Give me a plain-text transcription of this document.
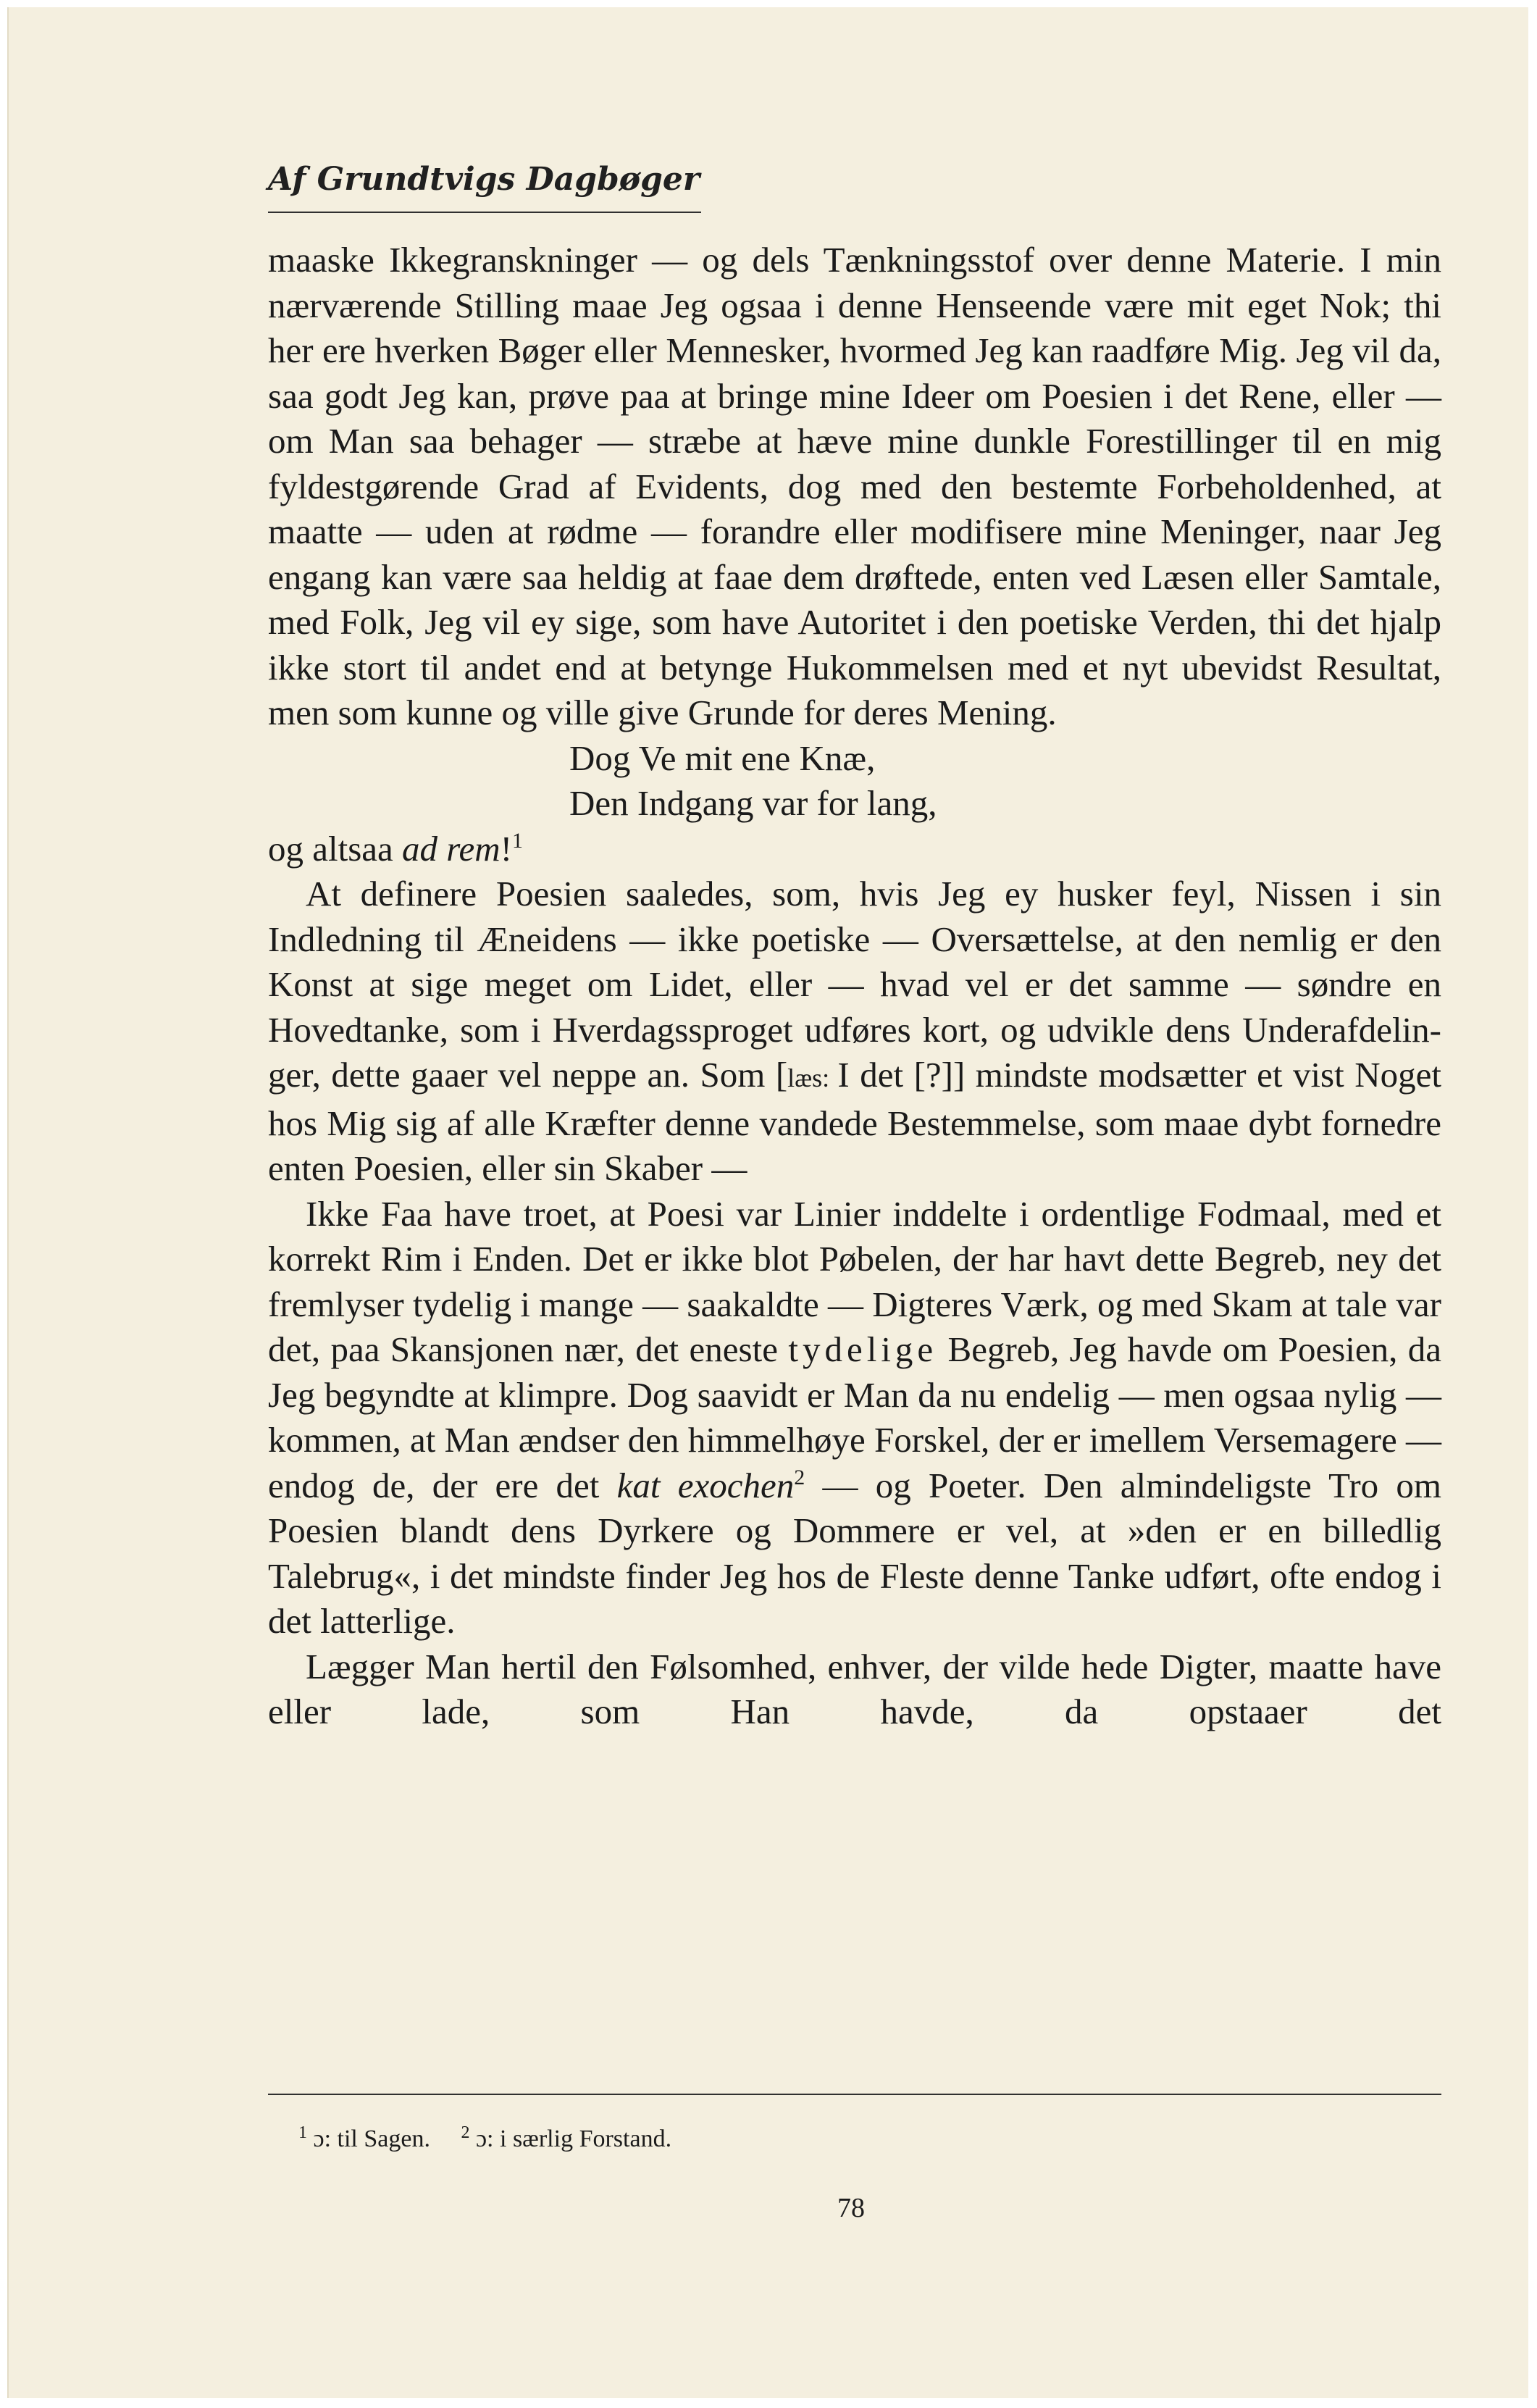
Af Grundtvigs Dagbøger

maaske Ikkegranskninger — og dels Tænkningsstof over denne Materie. I min nærværende Stilling maae Jeg ogsaa i denne Henseende være mit eget Nok; thi her ere hverken Bøger eller Mennesker, hvormed Jeg kan raadføre Mig. Jeg vil da, saa godt Jeg kan, prøve paa at bringe mine Ideer om Poesien i det Rene, eller — om Man saa behager — stræbe at hæve mine dunkle Forestillinger til en mig fyldestgørende Grad af Evidents, dog med den bestemte Forbeholdenhed, at maatte — uden at rødme — forandre eller modifisere mine Meninger, naar Jeg engang kan være saa heldig at faae dem drøftede, enten ved Læsen eller Samtale, med Folk, Jeg vil ey sige, som have Autoritet i den poetiske Verden, thi det hjalp ikke stort til andet end at betynge Hukommelsen med et nyt ubevidst Resultat, men som kunne og ville give Grunde for deres Mening.

Dog Ve mit ene Knæ,
Den Indgang var for lang,

og altsaa ad rem!$^1$

At definere Poesien saaledes, som, hvis Jeg ey husker feyl, Nissen i sin Indledning til Æneidens — ikke poetiske — Oversættelse, at den nemlig er den Konst at sige meget om Lidet, eller — hvad vel er det samme — søndre en Hovedtanke, som i Hverdagssproget udføres kort, og udvikle dens Underafdelinger, dette gaaer vel neppe an. Som [læs: I det [?]] mindste modsætter et vist Noget hos Mig sig af alle Kræfter denne vandede Bestemmelse, som maae dybt fornedre enten Poesien, eller sin Skaber —

Ikke Faa have troet, at Poesi var Linier inddelte i ordentlige Fodmaal, med et korrekt Rim i Enden. Det er ikke blot Pøbelen, der har havt dette Begreb, ney det fremlyser tydelig i mange — saakaldte — Digteres Værk, og med Skam at tale var det, paa Skansjonen nær, det eneste tydelige Begreb, Jeg havde om Poesien, da Jeg begyndte at klimpre. Dog saavidt er Man da nu endelig — men ogsaa nylig — kommen, at Man ændser den himmelhøye Forskel, der er imellem Versemagere — endog de, der ere det kat exochen$^2$ — og Poeter. Den almindeligste Tro om Poesien blandt dens Dyrkere og Dommere er vel, at »den er en billedlig Talebrug«, i det mindste finder Jeg hos de Fleste denne Tanke udført, ofte endog i det latterlige.

Lægger Man hertil den Følsomhed, enhver, der vilde hede Digter, maatte have eller lade, som Han havde, da opstaaer det

$^1$ ɔ: til Sagen. $^2$ ɔ: i særlig Forstand.

78
